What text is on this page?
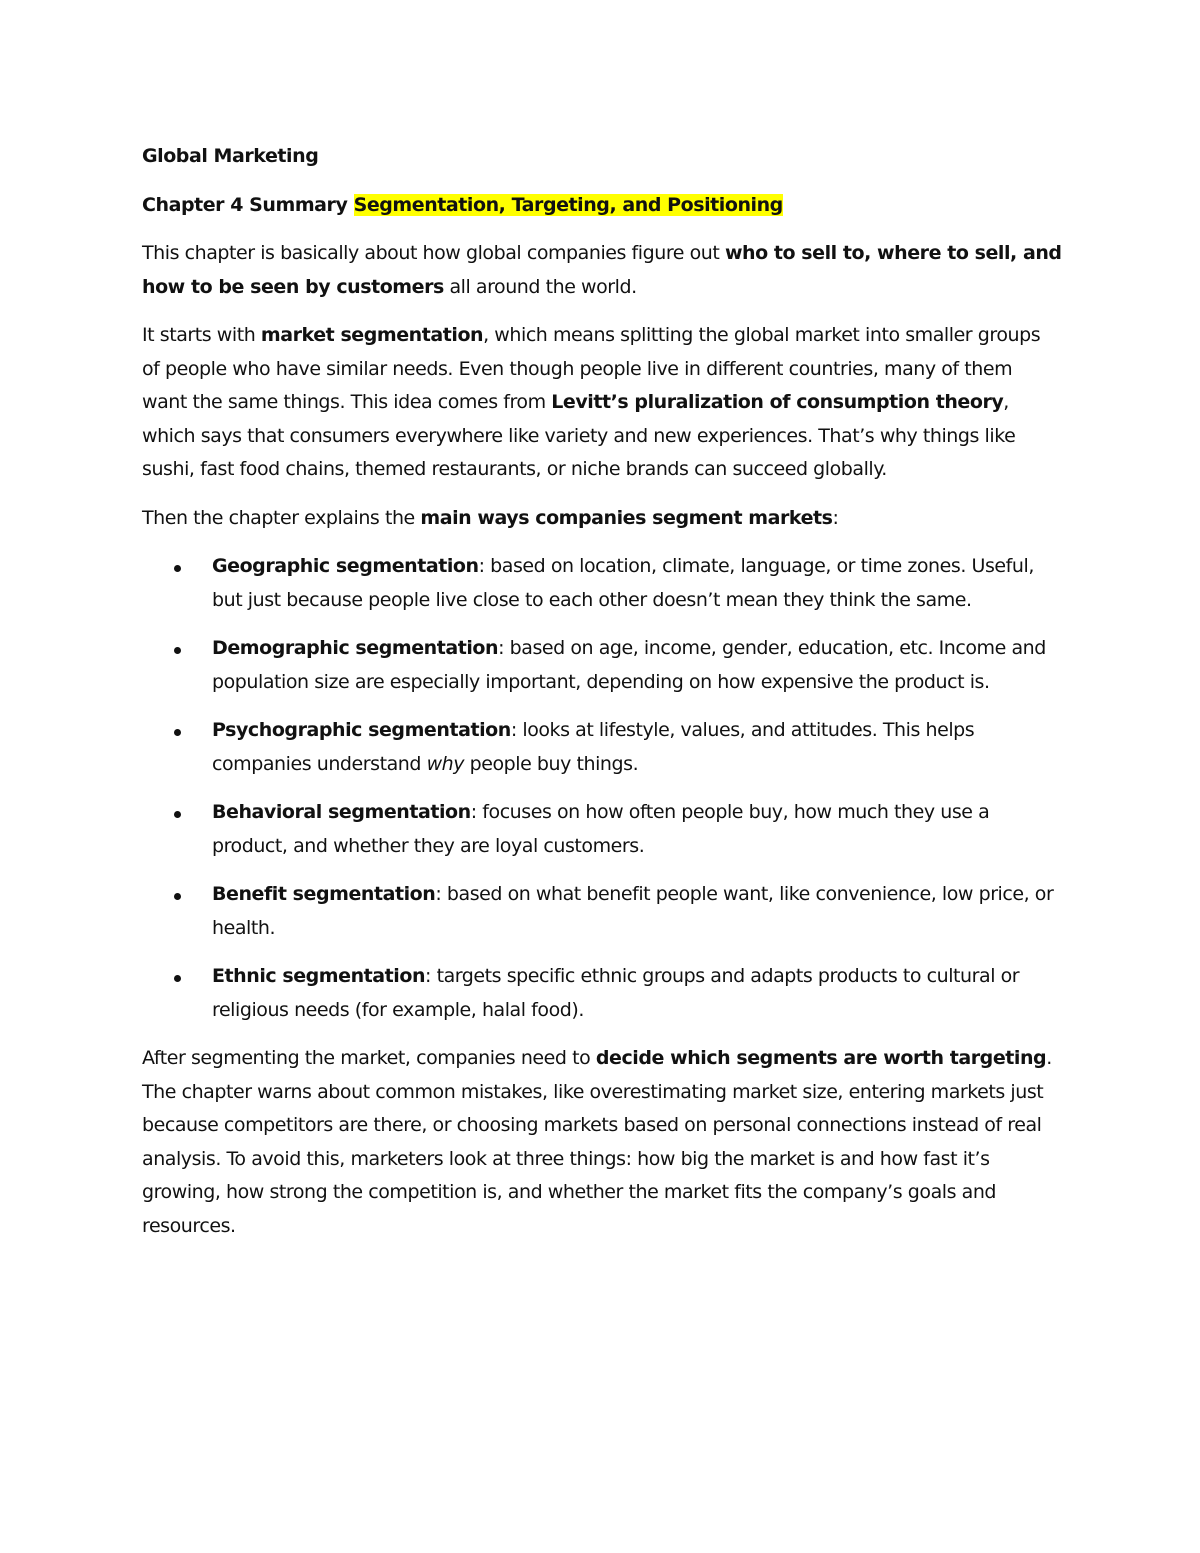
Global Marketing

Chapter 4 Summary Segmentation, Targeting, and Positioning

This chapter is basically about how global companies figure out who to sell to, where to sell, and how to be seen by customers all around the world.

It starts with market segmentation, which means splitting the global market into smaller groups of people who have similar needs. Even though people live in different countries, many of them want the same things. This idea comes from Levitt’s pluralization of consumption theory, which says that consumers everywhere like variety and new experiences. That’s why things like sushi, fast food chains, themed restaurants, or niche brands can succeed globally.

Then the chapter explains the main ways companies segment markets:

Geographic segmentation: based on location, climate, language, or time zones. Useful, but just because people live close to each other doesn’t mean they think the same.
Demographic segmentation: based on age, income, gender, education, etc. Income and population size are especially important, depending on how expensive the product is.
Psychographic segmentation: looks at lifestyle, values, and attitudes. This helps companies understand why people buy things.
Behavioral segmentation: focuses on how often people buy, how much they use a product, and whether they are loyal customers.
Benefit segmentation: based on what benefit people want, like convenience, low price, or health.
Ethnic segmentation: targets specific ethnic groups and adapts products to cultural or religious needs (for example, halal food).

After segmenting the market, companies need to decide which segments are worth targeting. The chapter warns about common mistakes, like overestimating market size, entering markets just because competitors are there, or choosing markets based on personal connections instead of real analysis. To avoid this, marketers look at three things: how big the market is and how fast it’s growing, how strong the competition is, and whether the market fits the company’s goals and resources.
